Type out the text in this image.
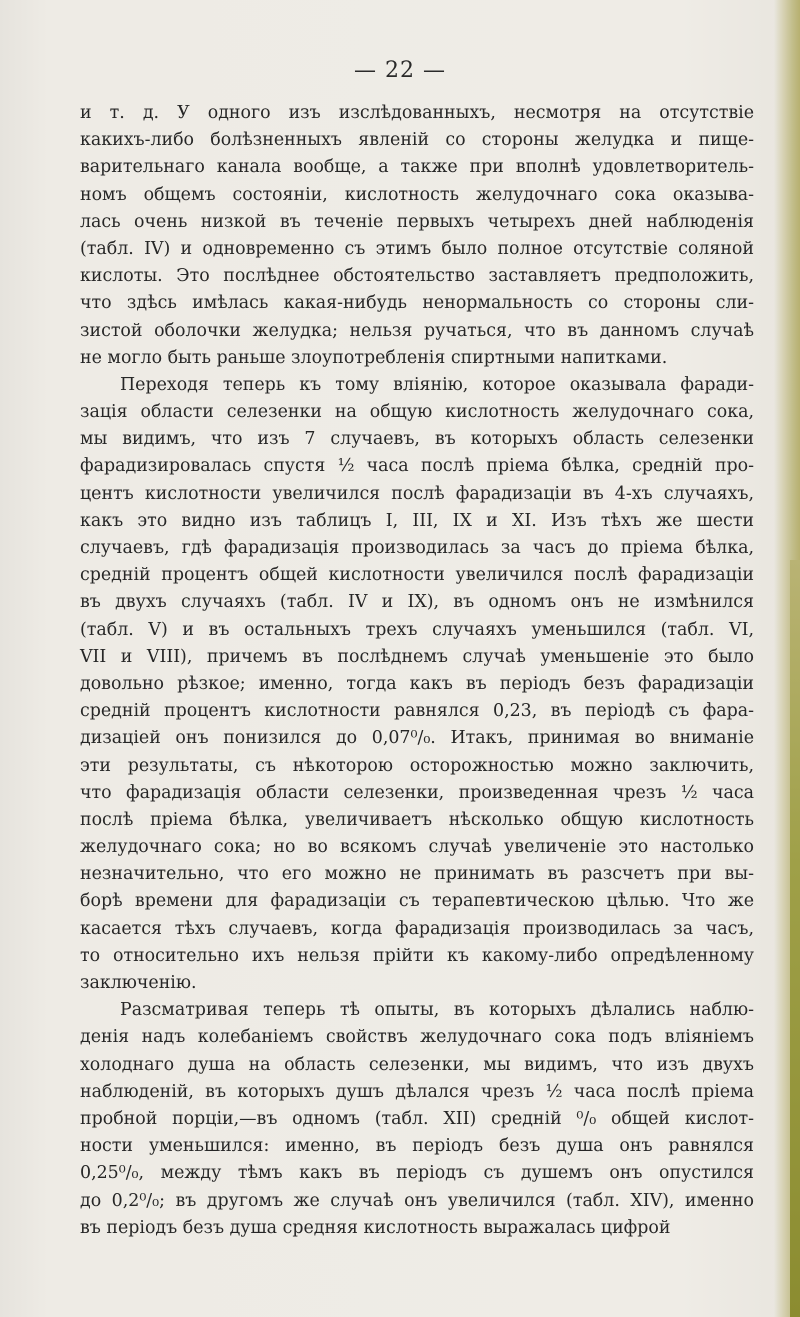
— 22 —
и т. д. У одного изъ изслѣдованныхъ, несмотря на отсутствіе
какихъ-либо болѣзненныхъ явленій со стороны желудка и пище-
варительнаго канала вообще, а также при вполнѣ удовлетворитель-
номъ общемъ состояніи, кислотность желудочнаго сока оказыва-
лась очень низкой въ теченіе первыхъ четырехъ дней наблюденія
(табл. IV) и одновременно съ этимъ было полное отсутствіе соляной
кислоты. Это послѣднее обстоятельство заставляетъ предположить,
что здѣсь имѣлась какая-нибудь ненормальность со стороны сли-
зистой оболочки желудка; нельзя ручаться, что въ данномъ случаѣ
не могло быть раньше злоупотребленія спиртными напитками.
Переходя теперь къ тому вліянію, которое оказывала фаради-
зація области селезенки на общую кислотность желудочнаго сока,
мы видимъ, что изъ 7 случаевъ, въ которыхъ область селезенки
фарадизировалась спустя ½ часа послѣ пріема бѣлка, средній про-
центъ кислотности увеличился послѣ фарадизаціи въ 4-хъ случаяхъ,
какъ это видно изъ таблицъ I, III, IX и XI. Изъ тѣхъ же шести
случаевъ, гдѣ фарадизація производилась за часъ до пріема бѣлка,
средній процентъ общей кислотности увеличился послѣ фарадизаціи
въ двухъ случаяхъ (табл. IV и IX), въ одномъ онъ не измѣнился
(табл. V) и въ остальныхъ трехъ случаяхъ уменьшился (табл. VI,
VII и VIII), причемъ въ послѣднемъ случаѣ уменьшеніе это было
довольно рѣзкое; именно, тогда какъ въ періодъ безъ фарадизаціи
средній процентъ кислотности равнялся 0,23, въ періодѣ съ фара-
дизаціей онъ понизился до 0,07⁰/₀. Итакъ, принимая во вниманіе
эти результаты, съ нѣкоторою осторожностью можно заключить,
что фарадизація области селезенки, произведенная чрезъ ½ часа
послѣ пріема бѣлка, увеличиваетъ нѣсколько общую кислотность
желудочнаго сока; но во всякомъ случаѣ увеличеніе это настолько
незначительно, что его можно не принимать въ разсчетъ при вы-
борѣ времени для фарадизаціи съ терапевтическою цѣлью. Что же
касается тѣхъ случаевъ, когда фарадизація производилась за часъ,
то относительно ихъ нельзя прійти къ какому-либо опредѣленному
заключенію.
Разсматривая теперь тѣ опыты, въ которыхъ дѣлались наблю-
денія надъ колебаніемъ свойствъ желудочнаго сока подъ вліяніемъ
холоднаго душа на область селезенки, мы видимъ, что изъ двухъ
наблюденій, въ которыхъ душъ дѣлался чрезъ ½ часа послѣ пріема
пробной порціи,—въ одномъ (табл. XII) средній ⁰/₀ общей кислот-
ности уменьшился: именно, въ періодъ безъ душа онъ равнялся
0,25⁰/₀, между тѣмъ какъ въ періодъ съ душемъ онъ опустился
до 0,2⁰/₀; въ другомъ же случаѣ онъ увеличился (табл. XIV), именно
въ періодъ безъ душа средняя кислотность выражалась цифрой
